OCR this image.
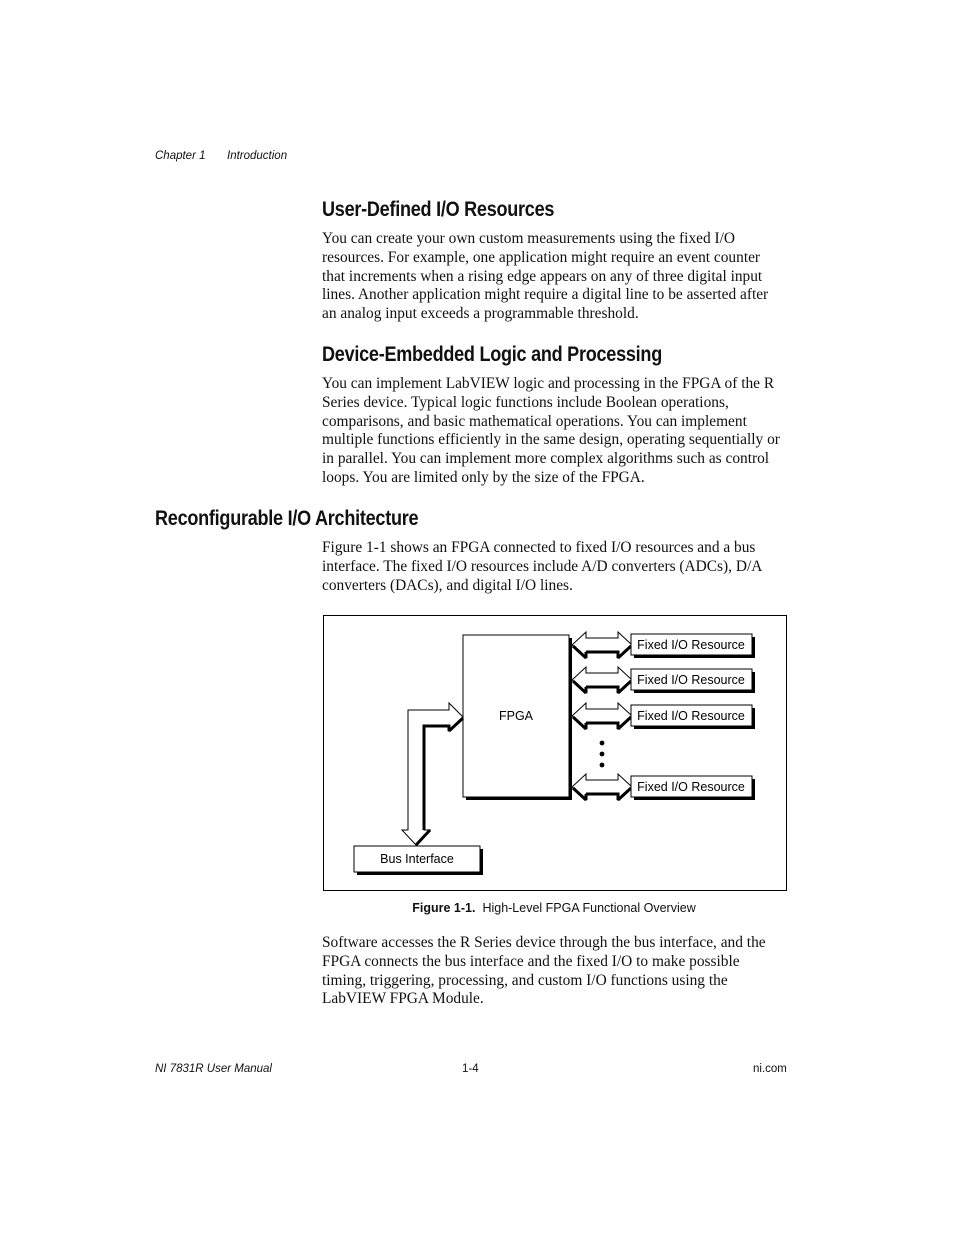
Chapter 1 Introduction
User-Defined I/O Resources

You can create your own custom measurements using the fixed I/O resources. For example, one application might require an event counter that increments when a rising edge appears on any of three digital input lines. Another application might require a digital line to be asserted after an analog input exceeds a programmable threshold.

Device-Embedded Logic and Processing

You can implement LabVIEW logic and processing in the FPGA of the R Series device. Typical logic functions include Boolean operations, comparisons, and basic mathematical operations. You can implement multiple functions efficiently in the same design, operating sequentially or in parallel. You can implement more complex algorithms such as control loops. You are limited only by the size of the FPGA.

Reconfigurable I/O Architecture

Figure 1-1 shows an FPGA connected to fixed I/O resources and a bus interface. The fixed I/O resources include A/D converters (ADCs), D/A converters (DACs), and digital I/O lines.

FPGA
Fixed I/O Resource
Fixed I/O Resource
Fixed I/O Resource
Fixed I/O Resource
Bus Interface
Figure 1-1. High-Level FPGA Functional Overview

Software accesses the R Series device through the bus interface, and the FPGA connects the bus interface and the fixed I/O to make possible timing, triggering, processing, and custom I/O functions using the LabVIEW FPGA Module.

NI 7831R User Manual	1-4	ni.com
